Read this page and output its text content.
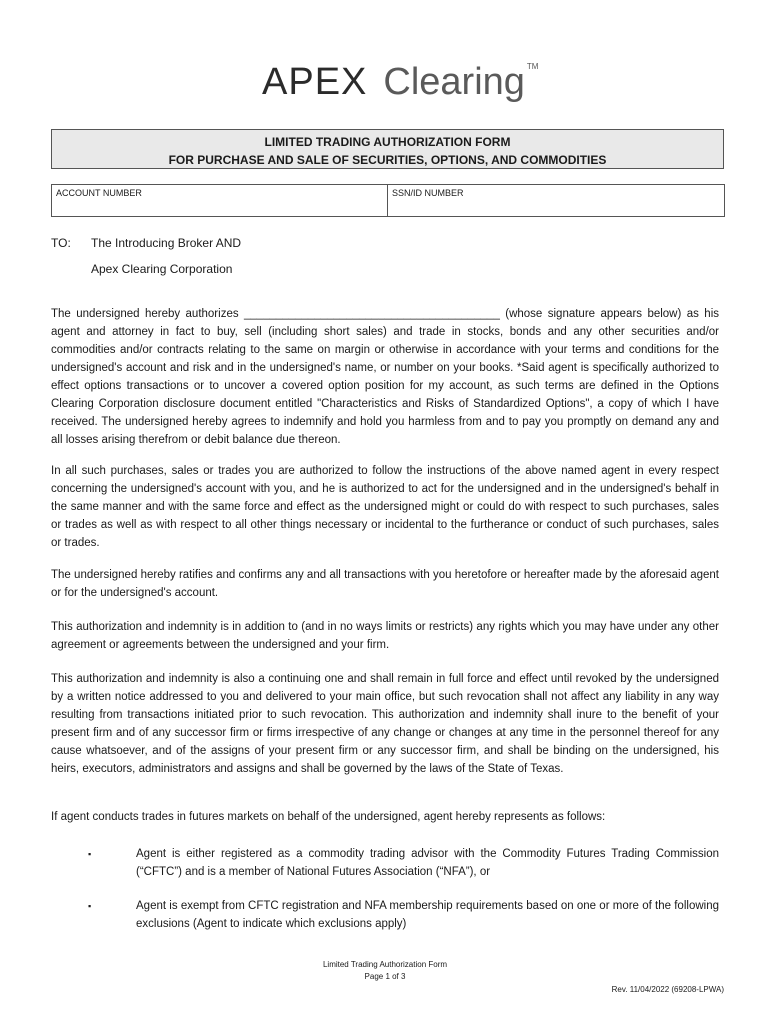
APEX Clearing TM
LIMITED TRADING AUTHORIZATION FORM
FOR PURCHASE AND SALE OF SECURITIES, OPTIONS, AND COMMODITIES
ACCOUNT NUMBER	SSN/ID NUMBER
TO: The Introducing Broker AND
Apex Clearing Corporation
The undersigned hereby authorizes ________________________________________ (whose signature appears below) as his agent and attorney in fact to buy, sell (including short sales) and trade in stocks, bonds and any other securities and/or commodities and/or contracts relating to the same on margin or otherwise in accordance with your terms and conditions for the undersigned's account and risk and in the undersigned's name, or number on your books. *Said agent is specifically authorized to effect options transactions or to uncover a covered option position for my account, as such terms are defined in the Options Clearing Corporation disclosure document entitled "Characteristics and Risks of Standardized Options", a copy of which I have received. The undersigned hereby agrees to indemnify and hold you harmless from and to pay you promptly on demand any and all losses arising therefrom or debit balance due thereon.
In all such purchases, sales or trades you are authorized to follow the instructions of the above named agent in every respect concerning the undersigned's account with you, and he is authorized to act for the undersigned and in the undersigned's behalf in the same manner and with the same force and effect as the undersigned might or could do with respect to such purchases, sales or trades as well as with respect to all other things necessary or incidental to the furtherance or conduct of such purchases, sales or trades.
The undersigned hereby ratifies and confirms any and all transactions with you heretofore or hereafter made by the aforesaid agent or for the undersigned's account.
This authorization and indemnity is in addition to (and in no ways limits or restricts) any rights which you may have under any other agreement or agreements between the undersigned and your firm.
This authorization and indemnity is also a continuing one and shall remain in full force and effect until revoked by the undersigned by a written notice addressed to you and delivered to your main office, but such revocation shall not affect any liability in any way resulting from transactions initiated prior to such revocation. This authorization and indemnity shall inure to the benefit of your present firm and of any successor firm or firms irrespective of any change or changes at any time in the personnel thereof for any cause whatsoever, and of the assigns of your present firm or any successor firm, and shall be binding on the undersigned, his heirs, executors, administrators and assigns and shall be governed by the laws of the State of Texas.
If agent conducts trades in futures markets on behalf of the undersigned, agent hereby represents as follows:
▪	Agent is either registered as a commodity trading advisor with the Commodity Futures Trading Commission (“CFTC”) and is a member of National Futures Association (“NFA”), or
▪	Agent is exempt from CFTC registration and NFA membership requirements based on one or more of the following exclusions (Agent to indicate which exclusions apply)
Limited Trading Authorization Form
Page 1 of 3
Rev. 11/04/2022 (69208-LPWA)
